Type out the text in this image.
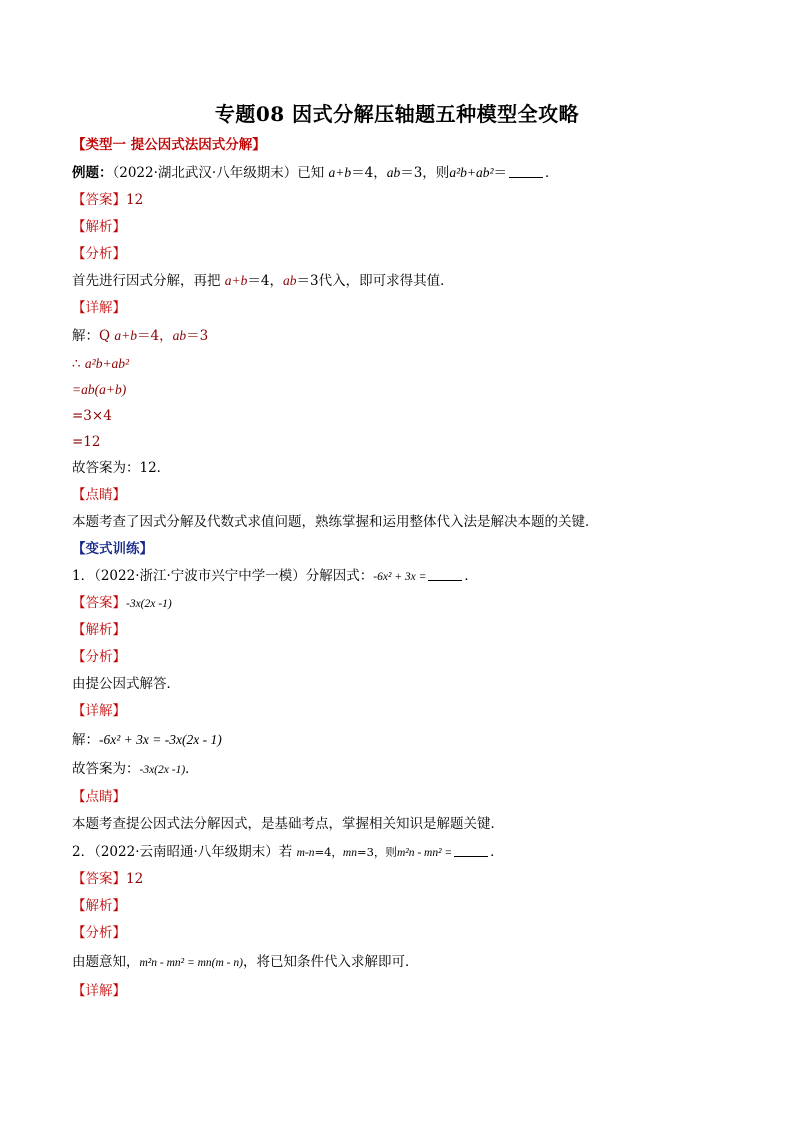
专题08 因式分解压轴题五种模型全攻略
【类型一 提公因式法因式分解】
例题：（2022·湖北武汉·八年级期末）已知 a+b＝4，ab＝3，则a²b+ab²＝	．
【答案】12
【解析】
【分析】
首先进行因式分解，再把 a+b＝4，ab＝3代入，即可求得其值．
【详解】
解：Q a+b＝4，ab＝3
∴ a²b+ab²
=ab(a+b)
=3×4
=12
故答案为：12．
【点睛】
本题考查了因式分解及代数式求值问题，熟练掌握和运用整体代入法是解决本题的关键．
【变式训练】
1．（2022·浙江·宁波市兴宁中学一模）分解因式：-6x² + 3x =	．
【答案】-3x(2x -1)
【解析】
【分析】
由提公因式解答．
【详解】
解：-6x² + 3x = -3x(2x - 1)
故答案为：-3x(2x -1)．
【点睛】
本题考查提公因式法分解因式，是基础考点，掌握相关知识是解题关键．
2．（2022·云南昭通·八年级期末）若 m-n=4，mn=3，则m²n - mn² =	．
【答案】12
【解析】
【分析】
由题意知，m²n - mn² = mn(m - n)，将已知条件代入求解即可．
【详解】
